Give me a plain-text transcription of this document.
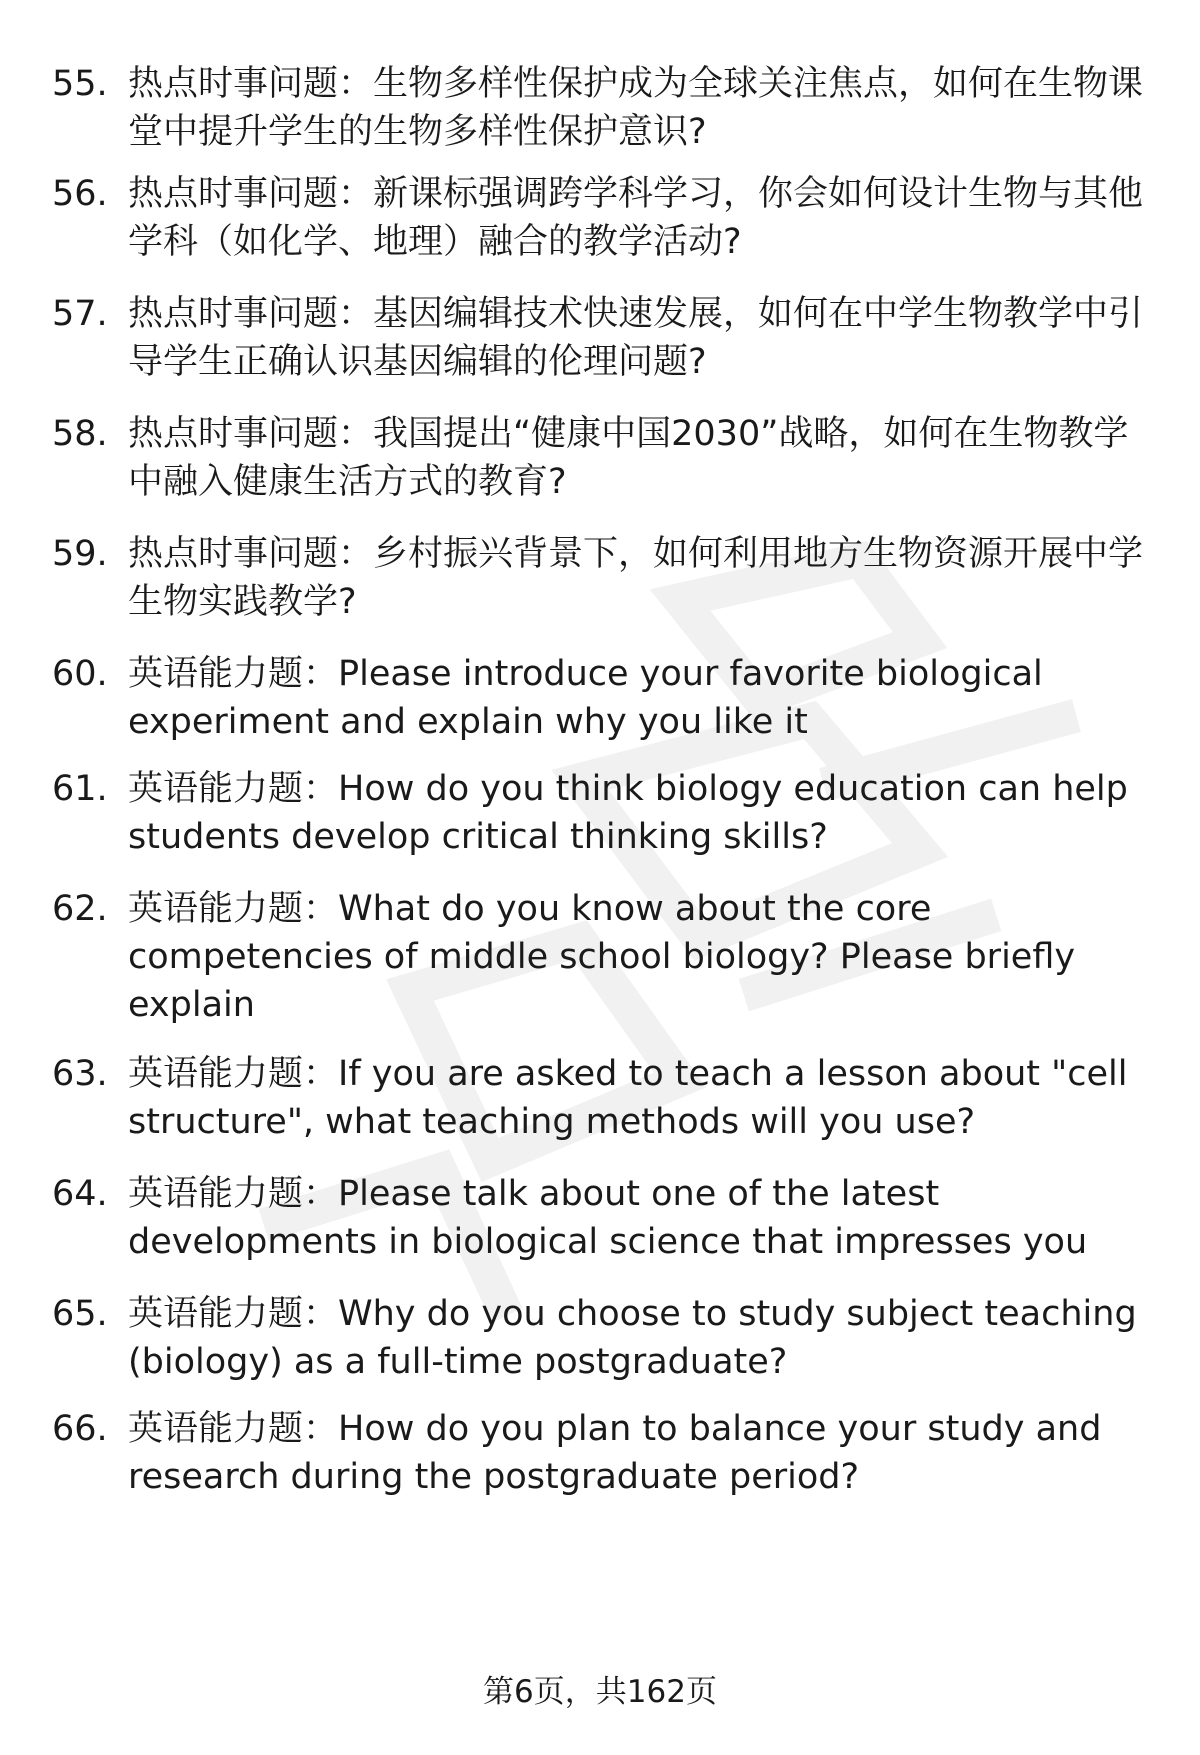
55. 热点时事问题：生物多样性保护成为全球关注焦点，如何在生物课堂中提升学生的生物多样性保护意识?
56. 热点时事问题：新课标强调跨学科学习，你会如何设计生物与其他学科（如化学、地理）融合的教学活动?
57. 热点时事问题：基因编辑技术快速发展，如何在中学生物教学中引导学生正确认识基因编辑的伦理问题?
58. 热点时事问题：我国提出“健康中国2030”战略，如何在生物教学中融入健康生活方式的教育?
59. 热点时事问题：乡村振兴背景下，如何利用地方生物资源开展中学生物实践教学?
60. 英语能力题：Please introduce your favorite biological experiment and explain why you like it
61. 英语能力题：How do you think biology education can help students develop critical thinking skills?
62. 英语能力题：What do you know about the core competencies of middle school biology? Please briefly explain
63. 英语能力题：If you are asked to teach a lesson about "cell structure", what teaching methods will you use?
64. 英语能力题：Please talk about one of the latest developments in biological science that impresses you
65. 英语能力题：Why do you choose to study subject teaching (biology) as a full-time postgraduate?
66. 英语能力题：How do you plan to balance your study and research during the postgraduate period?
第6页，共162页
